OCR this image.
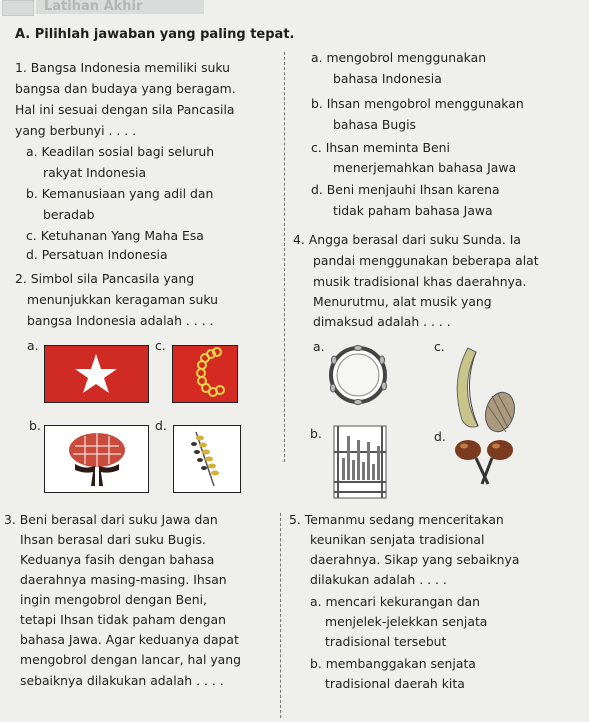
Latihan Akhir
A. Pilihlah jawaban yang paling tepat.
1. Bangsa Indonesia memiliki suku
bangsa dan budaya yang beragam.
Hal ini sesuai dengan sila Pancasila
yang berbunyi . . . .
a. Keadilan sosial bagi seluruh
rakyat Indonesia
b. Kemanusiaan yang adil dan
beradab
c. Ketuhanan Yang Maha Esa
d. Persatuan Indonesia
2. Simbol sila Pancasila yang
menunjukkan keragaman suku
bangsa Indonesia adalah . . . .
a.	c.
b.	d.
3. Beni berasal dari suku Jawa dan
Ihsan berasal dari suku Bugis.
Keduanya fasih dengan bahasa
daerahnya masing-masing. Ihsan
ingin mengobrol dengan Beni,
tetapi Ihsan tidak paham dengan
bahasa Jawa. Agar keduanya dapat
mengobrol dengan lancar, hal yang
sebaiknya dilakukan adalah . . . .
a. mengobrol menggunakan
bahasa Indonesia
b. Ihsan mengobrol menggunakan
bahasa Bugis
c. Ihsan meminta Beni
menerjemahkan bahasa Jawa
d. Beni menjauhi Ihsan karena
tidak paham bahasa Jawa
4. Angga berasal dari suku Sunda. Ia
pandai menggunakan beberapa alat
musik tradisional khas daerahnya.
Menurutmu, alat musik yang
dimaksud adalah . . . .
a.	c.
b.	d.
5. Temanmu sedang menceritakan
keunikan senjata tradisional
daerahnya. Sikap yang sebaiknya
dilakukan adalah . . . .
a. mencari kekurangan dan
menjelek-jelekkan senjata
tradisional tersebut
b. membanggakan senjata
tradisional daerah kita
